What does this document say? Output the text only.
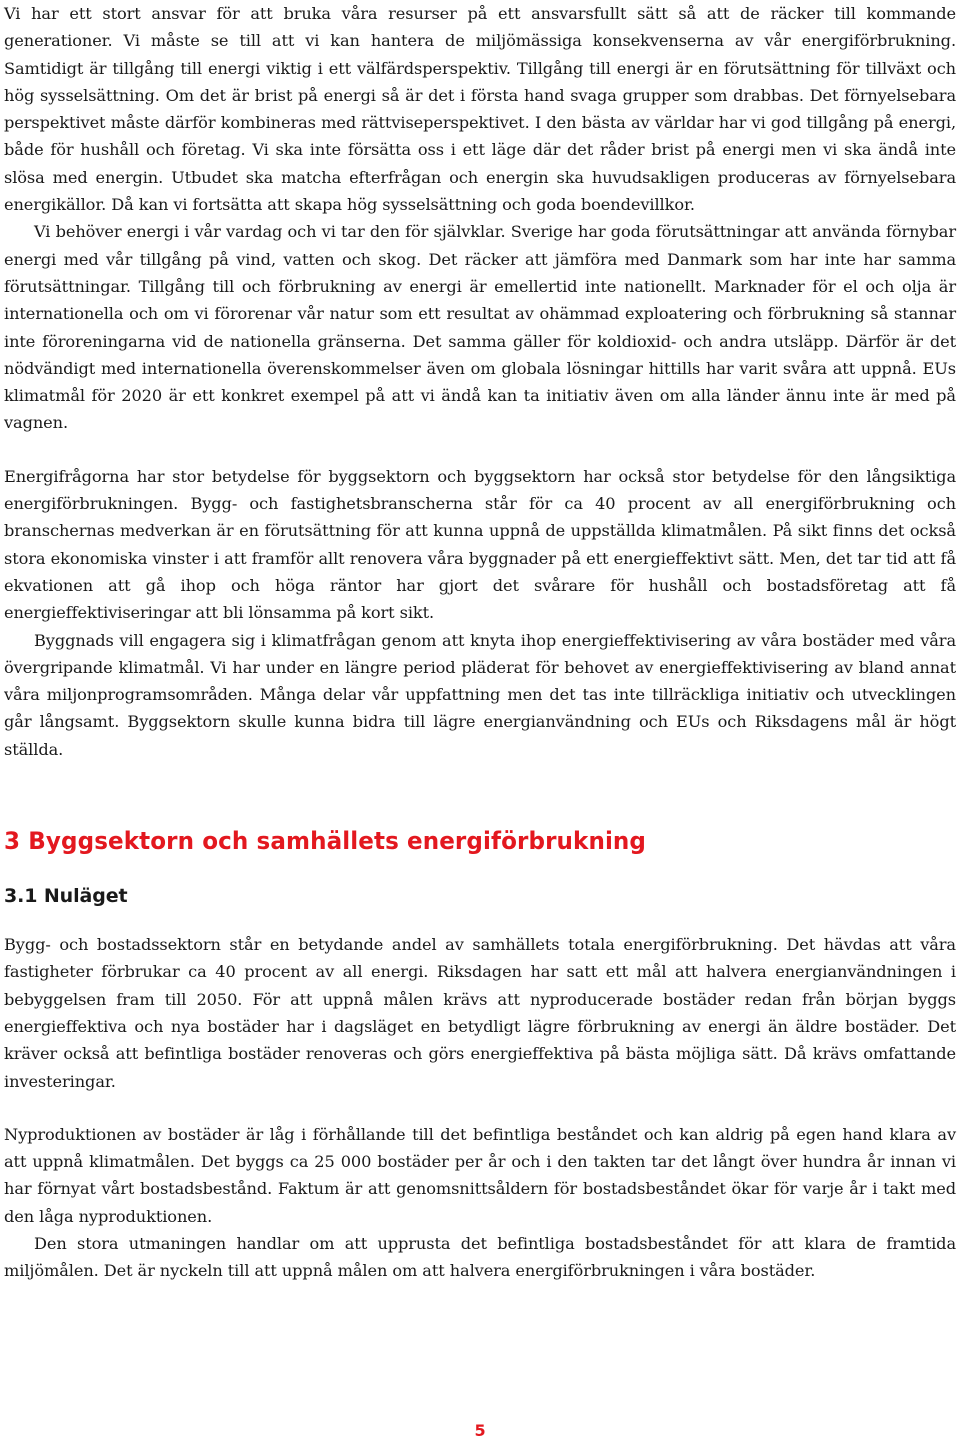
Vi har ett stort ansvar för att bruka våra resurser på ett ansvarsfullt sätt så att de räcker till kommande generationer. Vi måste se till att vi kan hantera de miljömässiga konsekvenserna av vår energiförbrukning. Samtidigt är tillgång till energi viktig i ett välfärdsperspektiv. Tillgång till energi är en förutsättning för tillväxt och hög sysselsättning. Om det är brist på energi så är det i första hand svaga grupper som drabbas. Det förnyelsebara perspektivet måste därför kombineras med rättviseperspektivet. I den bästa av världar har vi god tillgång på energi, både för hushåll och företag. Vi ska inte försätta oss i ett läge där det råder brist på energi men vi ska ändå inte slösa med energin. Utbudet ska matcha efterfrågan och energin ska huvudsakligen produceras av förnyelsebara energikällor. Då kan vi fortsätta att skapa hög sysselsättning och goda boendevillkor.

Vi behöver energi i vår vardag och vi tar den för självklar. Sverige har goda förutsättningar att använda förnybar energi med vår tillgång på vind, vatten och skog. Det räcker att jämföra med Danmark som har inte har samma förutsättningar. Tillgång till och förbrukning av energi är emellertid inte nationellt. Marknader för el och olja är internationella och om vi förorenar vår natur som ett resultat av ohämmad exploatering och förbrukning så stannar inte föroreningarna vid de nationella gränserna. Det samma gäller för koldioxid- och andra utsläpp. Därför är det nödvändigt med internationella överenskommelser även om globala lösningar hittills har varit svåra att uppnå. EUs klimatmål för 2020 är ett konkret exempel på att vi ändå kan ta initiativ även om alla länder ännu inte är med på vagnen.

Energifrågorna har stor betydelse för byggsektorn och byggsektorn har också stor betydelse för den långsiktiga energiförbrukningen. Bygg- och fastighetsbranscherna står för ca 40 procent av all energiförbrukning och branschernas medverkan är en förutsättning för att kunna uppnå de uppställda klimatmålen. På sikt finns det också stora ekonomiska vinster i att framför allt renovera våra byggnader på ett energieffektivt sätt. Men, det tar tid att få ekvationen att gå ihop och höga räntor har gjort det svårare för hushåll och bostadsföretag att få energieffektiviseringar att bli lönsamma på kort sikt.

Byggnads vill engagera sig i klimatfrågan genom att knyta ihop energieffektivisering av våra bostäder med våra övergripande klimatmål. Vi har under en längre period pläderat för behovet av energieffektivisering av bland annat våra miljonprogramsområden. Många delar vår uppfattning men det tas inte tillräckliga initiativ och utvecklingen går långsamt. Byggsektorn skulle kunna bidra till lägre energianvändning och EUs och Riksdagens mål är högt ställda.

3 Byggsektorn och samhällets energiförbrukning
3.1 Nuläget

Bygg- och bostadssektorn står en betydande andel av samhällets totala energiförbrukning. Det hävdas att våra fastigheter förbrukar ca 40 procent av all energi. Riksdagen har satt ett mål att halvera energianvändningen i bebyggelsen fram till 2050. För att uppnå målen krävs att nyproducerade bostäder redan från början byggs energieffektiva och nya bostäder har i dagsläget en betydligt lägre förbrukning av energi än äldre bostäder. Det kräver också att befintliga bostäder renoveras och görs energieffektiva på bästa möjliga sätt. Då krävs omfattande investeringar.

Nyproduktionen av bostäder är låg i förhållande till det befintliga beståndet och kan aldrig på egen hand klara av att uppnå klimatmålen. Det byggs ca 25 000 bostäder per år och i den takten tar det långt över hundra år innan vi har förnyat vårt bostadsbestånd. Faktum är att genomsnittsåldern för bostadsbeståndet ökar för varje år i takt med den låga nyproduktionen.

Den stora utmaningen handlar om att upprusta det befintliga bostadsbeståndet för att klara de framtida miljömålen. Det är nyckeln till att uppnå målen om att halvera energiförbrukningen i våra bostäder.

5
